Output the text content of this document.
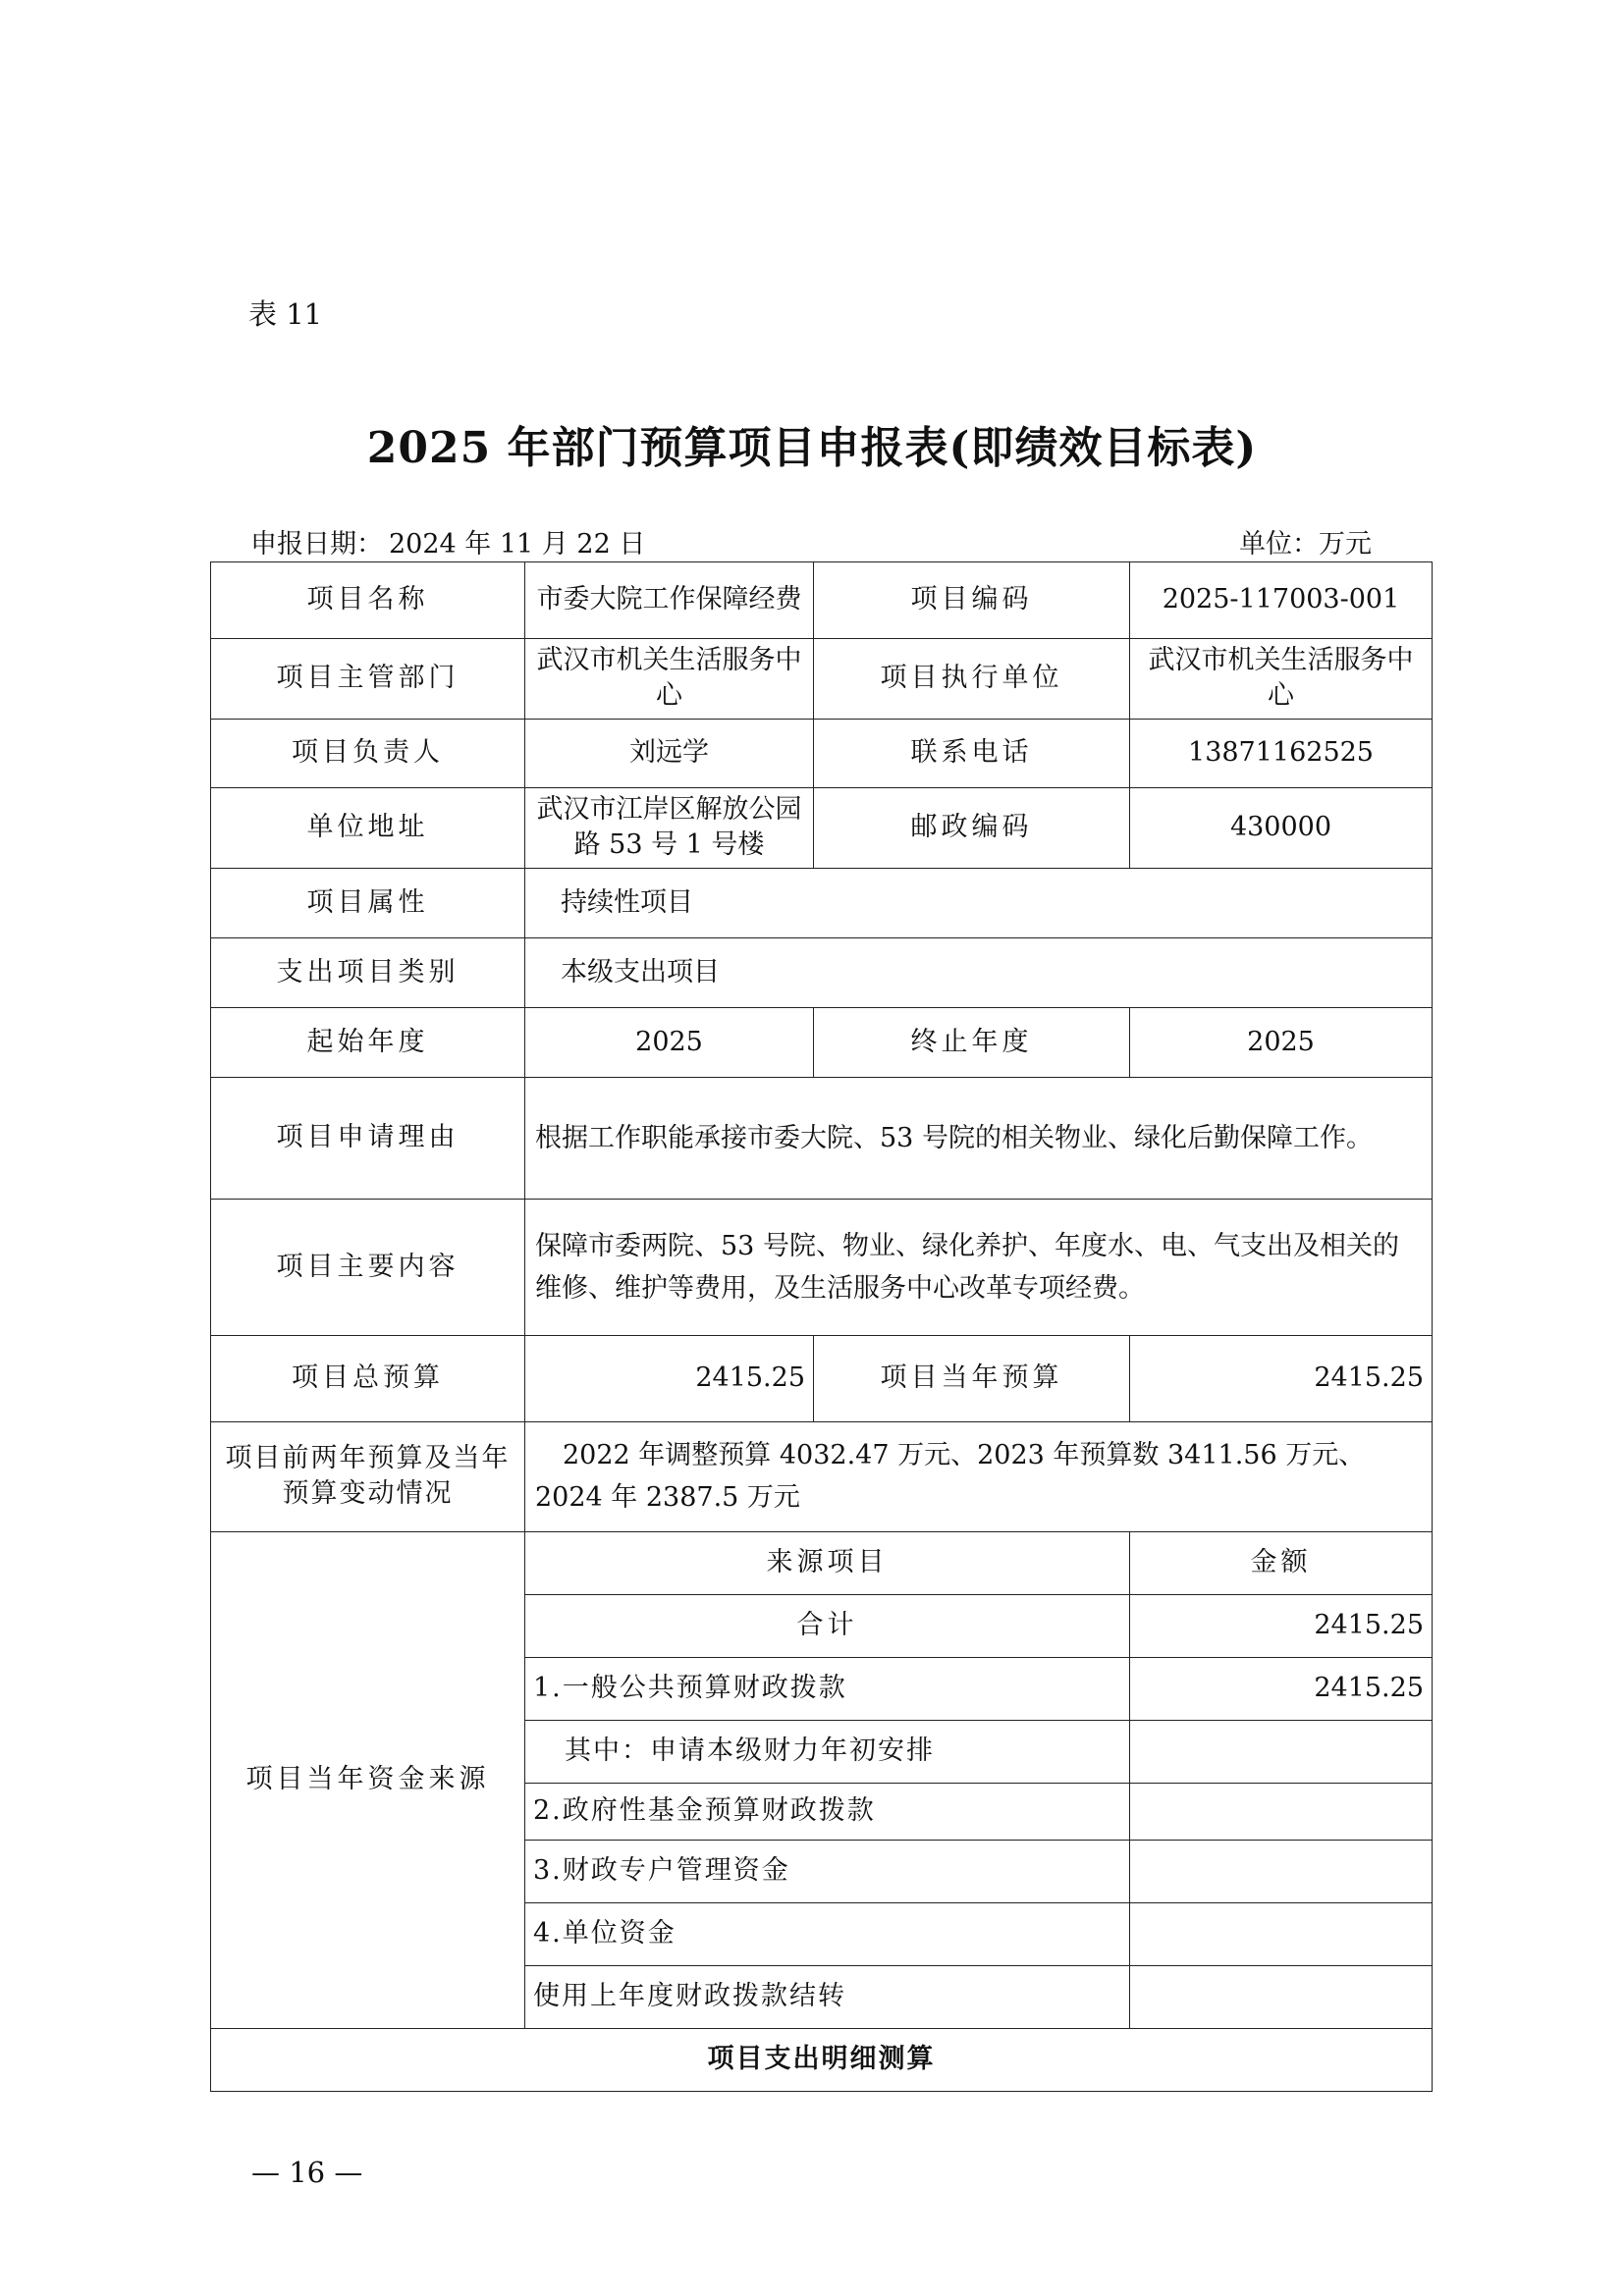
表 11
2025 年部门预算项目申报表(即绩效目标表)
申报日期： 2024 年 11 月 22 日	单位：万元
项目名称	市委大院工作保障经费	项目编码	2025-117003-001
项目主管部门	武汉市机关生活服务中心	项目执行单位	武汉市机关生活服务中心
项目负责人	刘远学	联系电话	13871162525
单位地址	武汉市江岸区解放公园路 53 号 1 号楼	邮政编码	430000
项目属性	持续性项目		
支出项目类别	本级支出项目		
起始年度	2025	终止年度	2025
项目申请理由	根据工作职能承接市委大院、53 号院的相关物业、绿化后勤保障工作。		
项目主要内容	保障市委两院、53 号院、物业、绿化养护、年度水、电、气支出及相关的维修、维护等费用，及生活服务中心改革专项经费。		
项目总预算	2415.25	项目当年预算	2415.25
项目前两年预算及当年预算变动情况	2022 年调整预算 4032.47 万元、2023 年预算数 3411.56 万元、2024 年 2387.5 万元		
项目当年资金来源	来源项目		金额
	合计		2415.25
	1.一般公共预算财政拨款		2415.25
	其中：申请本级财力年初安排		
	2.政府性基金预算财政拨款		
	3.财政专户管理资金		
	4.单位资金		
	使用上年度财政拨款结转		
项目支出明细测算			
— 16 —
